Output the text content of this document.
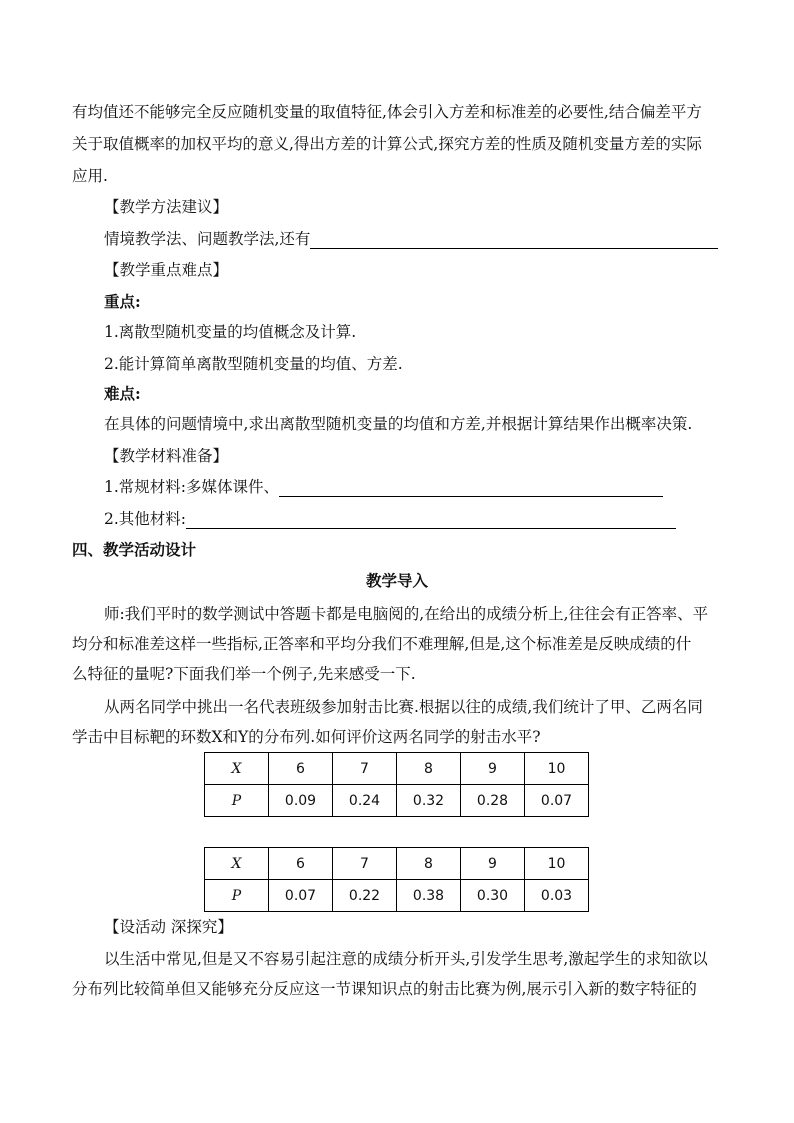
有均值还不能够完全反应随机变量的取值特征,体会引入方差和标准差的必要性,结合偏差平方
关于取值概率的加权平均的意义,得出方差的计算公式,探究方差的性质及随机变量方差的实际
应用.
【教学方法建议】
情境教学法、问题教学法,还有
【教学重点难点】
重点:
1.离散型随机变量的均值概念及计算.
2.能计算简单离散型随机变量的均值、方差.
难点:
在具体的问题情境中,求出离散型随机变量的均值和方差,并根据计算结果作出概率决策.
【教学材料准备】
1.常规材料:多媒体课件、
2.其他材料:
四、教学活动设计
教学导入
师:我们平时的数学测试中答题卡都是电脑阅的,在给出的成绩分析上,往往会有正答率、平
均分和标准差这样一些指标,正答率和平均分我们不难理解,但是,这个标准差是反映成绩的什
么特征的量呢?下面我们举一个例子,先来感受一下.
从两名同学中挑出一名代表班级参加射击比赛.根据以往的成绩,我们统计了甲、乙两名同
学击中目标靶的环数X和Y的分布列.如何评价这两名同学的射击水平?
X	6	7	8	9	10
P	0.09	0.24	0.32	0.28	0.07
X	6	7	8	9	10
P	0.07	0.22	0.38	0.30	0.03
【设活动 深探究】
以生活中常见,但是又不容易引起注意的成绩分析开头,引发学生思考,激起学生的求知欲以
分布列比较简单但又能够充分反应这一节课知识点的射击比赛为例,展示引入新的数字特征的
